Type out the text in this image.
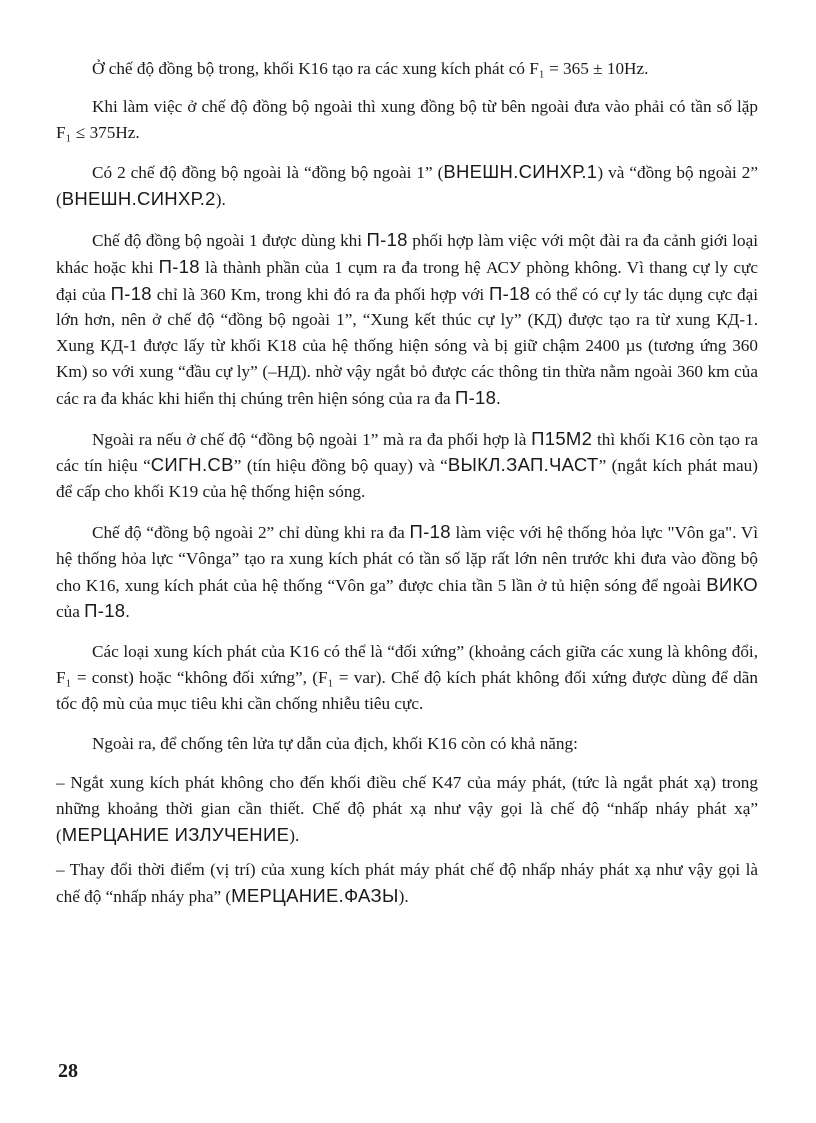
Ở chế độ đồng bộ trong, khối K16 tạo ra các xung kích phát có F₁ = 365 ± 10Hz.

Khi làm việc ở chế độ đồng bộ ngoài thì xung đồng bộ từ bên ngoài đưa vào phải có tần số lặp F₁ ≤ 375Hz.

Có 2 chế độ đồng bộ ngoài là “đồng bộ ngoài 1” (ВНЕШН.СИНХР.1) và “đồng bộ ngoài 2” (ВНЕШН.СИНХР.2).

Chế độ đồng bộ ngoài 1 được dùng khi П-18 phối hợp làm việc với một đài ra đa cảnh giới loại khác hoặc khi П-18 là thành phần của 1 cụm ra đa trong hệ АСУ phòng không. Vì thang cự ly cực đại của П-18 chỉ là 360 Km, trong khi đó ra đa phối hợp với П-18 có thể có cự ly tác dụng cực đại lớn hơn, nên ở chế độ “đồng bộ ngoài 1”, “Xung kết thúc cự ly” (КД) được tạo ra từ xung КД-1. Xung КД-1 được lấy từ khối K18 của hệ thống hiện sóng và bị giữ chậm 2400 µs (tương ứng 360 Km) so với xung “đầu cự ly” (–НД). nhờ vậy ngắt bỏ được các thông tin thừa nằm ngoài 360 km của các ra đa khác khi hiển thị chúng trên hiện sóng của ra đa П-18.

Ngoài ra nếu ở chế độ “đồng bộ ngoài 1” mà ra đa phối hợp là П15М2 thì khối K16 còn tạo ra các tín hiệu “СИГН.СВ” (tín hiệu đồng bộ quay) và “ВЫКЛ.ЗАП.ЧАСТ” (ngắt kích phát mau) để cấp cho khối K19 của hệ thống hiện sóng.

Chế độ “đồng bộ ngoài 2” chỉ dùng khi ra đa П-18 làm việc với hệ thống hỏa lực "Vôn ga". Vì hệ thống hỏa lực “Vônga” tạo ra xung kích phát có tần số lặp rất lớn nên trước khi đưa vào đồng bộ cho K16, xung kích phát của hệ thống “Vôn ga” được chia tần 5 lần ở tủ hiện sóng để ngoài ВИКО của П-18.

Các loại xung kích phát của K16 có thể là “đối xứng” (khoảng cách giữa các xung là không đổi, F₁ = const) hoặc “không đối xứng”, (F₁ = var). Chế độ kích phát không đối xứng được dùng để dãn tốc độ mù của mục tiêu khi cần chống nhiễu tiêu cực.

Ngoài ra, để chống tên lửa tự dẫn của địch, khối K16 còn có khả năng:

– Ngắt xung kích phát không cho đến khối điều chế K47 của máy phát, (tức là ngắt phát xạ) trong những khoảng thời gian cần thiết. Chế độ phát xạ như vậy gọi là chế độ “nhấp nháy phát xạ” (МЕРЦАНИЕ ИЗЛУЧЕНИЕ).

– Thay đổi thời điểm (vị trí) của xung kích phát máy phát chế độ nhấp nháy phát xạ như vậy gọi là chế độ “nhấp nháy pha” (МЕРЦАНИЕ.ФАЗЫ).

28
